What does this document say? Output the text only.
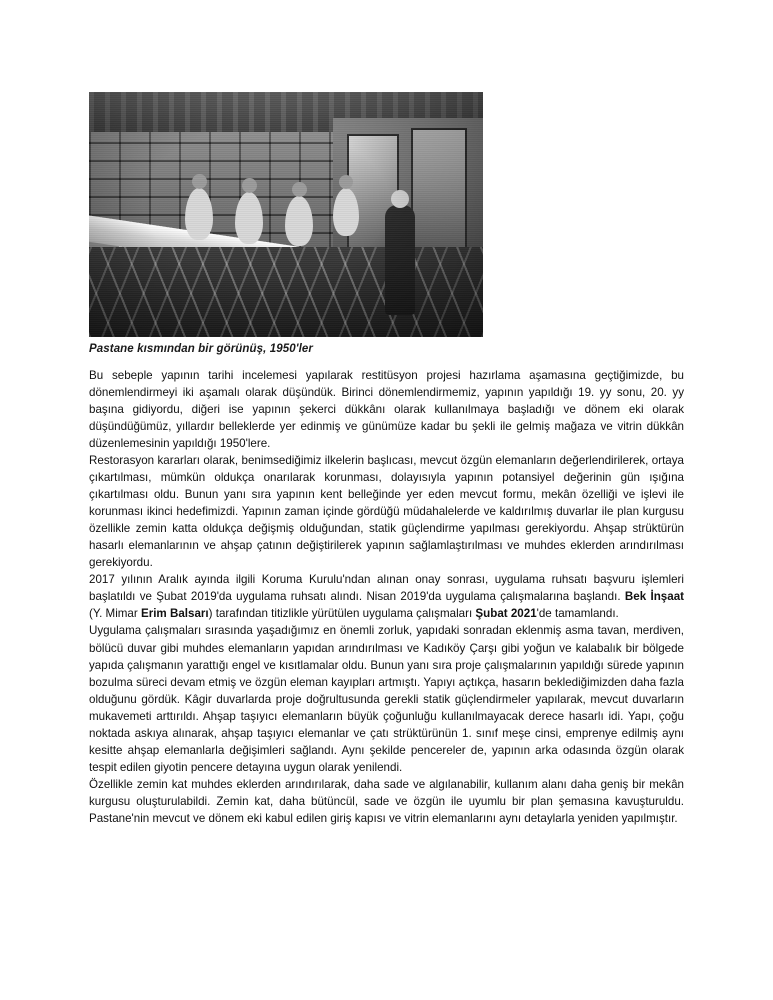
Pastane kısmından bir görünüş, 1950'ler

Bu sebeple yapının tarihi incelemesi yapılarak restitüsyon projesi hazırlama aşamasına geçtiğimizde, bu dönemlendirmeyi iki aşamalı olarak düşündük. Birinci dönemlendirmemiz, yapının yapıldığı 19. yy sonu, 20. yy başına gidiyordu, diğeri ise yapının şekerci dükkânı olarak kullanılmaya başladığı ve dönem eki olarak düşündüğümüz, yıllardır belleklerde yer edinmiş ve günümüze kadar bu şekli ile gelmiş mağaza ve vitrin dükkân düzenlemesinin yapıldığı 1950'lere.

Restorasyon kararları olarak, benimsediğimiz ilkelerin başlıcası, mevcut özgün elemanların değerlendirilerek, ortaya çıkartılması, mümkün oldukça onarılarak korunması, dolayısıyla yapının potansiyel değerinin gün ışığına çıkartılması oldu. Bunun yanı sıra yapının kent belleğinde yer eden mevcut formu, mekân özelliği ve işlevi ile korunması ikinci hedefimizdi. Yapının zaman içinde gördüğü müdahalelerde ve kaldırılmış duvarlar ile plan kurgusu özellikle zemin katta oldukça değişmiş olduğundan, statik güçlendirme yapılması gerekiyordu. Ahşap strüktürün hasarlı elemanlarının ve ahşap çatının değiştirilerek yapının sağlamlaştırılması ve muhdes eklerden arındırılması gerekiyordu.

2017 yılının Aralık ayında ilgili Koruma Kurulu'ndan alınan onay sonrası, uygulama ruhsatı başvuru işlemleri başlatıldı ve Şubat 2019'da uygulama ruhsatı alındı. Nisan 2019'da uygulama çalışmalarına başlandı. Bek İnşaat (Y. Mimar Erim Balsarı) tarafından titizlikle yürütülen uygulama çalışmaları Şubat 2021'de tamamlandı.

Uygulama çalışmaları sırasında yaşadığımız en önemli zorluk, yapıdaki sonradan eklenmiş asma tavan, merdiven, bölücü duvar gibi muhdes elemanların yapıdan arındırılması ve Kadıköy Çarşı gibi yoğun ve kalabalık bir bölgede yapıda çalışmanın yarattığı engel ve kısıtlamalar oldu. Bunun yanı sıra proje çalışmalarının yapıldığı sürede yapının bozulma süreci devam etmiş ve özgün eleman kayıpları artmıştı. Yapıyı açtıkça, hasarın beklediğimizden daha fazla olduğunu gördük. Kâgir duvarlarda proje doğrultusunda gerekli statik güçlendirmeler yapılarak, mevcut duvarların mukavemeti arttırıldı. Ahşap taşıyıcı elemanların büyük çoğunluğu kullanılmayacak derece hasarlı idi. Yapı, çoğu noktada askıya alınarak, ahşap taşıyıcı elemanlar ve çatı strüktürünün 1. sınıf meşe cinsi, emprenye edilmiş aynı kesitte ahşap elemanlarla değişimleri sağlandı. Aynı şekilde pencereler de, yapının arka odasında özgün olarak tespit edilen giyotin pencere detayına uygun olarak yenilendi.

Özellikle zemin kat muhdes eklerden arındırılarak, daha sade ve algılanabilir, kullanım alanı daha geniş bir mekân kurgusu oluşturulabildi. Zemin kat, daha bütüncül, sade ve özgün ile uyumlu bir plan şemasına kavuşturuldu. Pastane'nin mevcut ve dönem eki kabul edilen giriş kapısı ve vitrin elemanlarını aynı detaylarla yeniden yapılmıştır.
